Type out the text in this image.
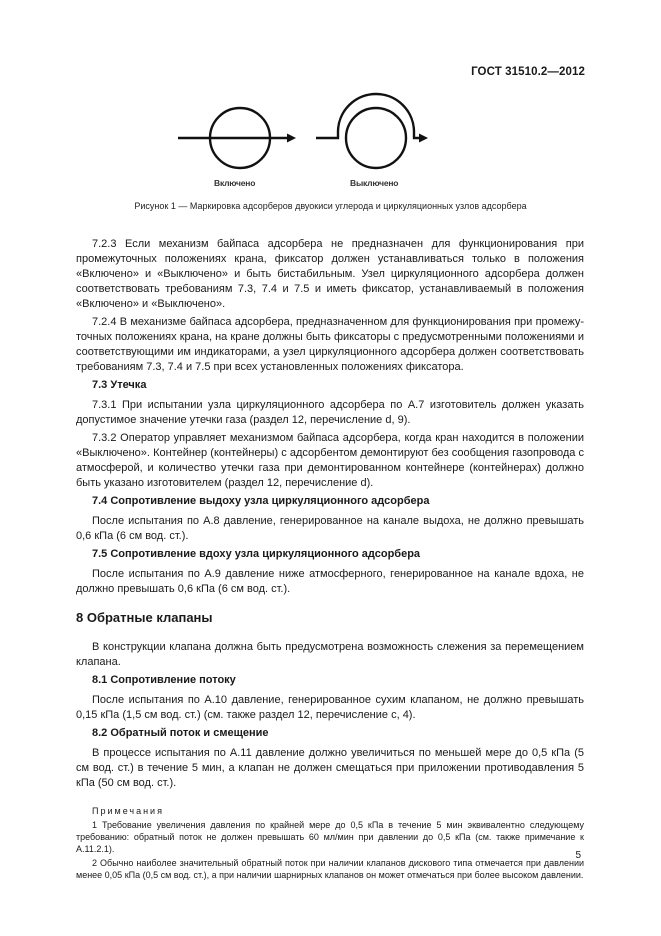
ГОСТ 31510.2—2012
Включено	Выключено
Рисунок 1 — Маркировка адсорберов двуокиси углерода и циркуляционных узлов адсорбера

7.2.3 Если механизм байпаса адсорбера не предназначен для функционирования при промежуточных положениях крана, фиксатор должен устанавливаться только в положения «Включено» и «Выключено» и быть бистабильным. Узел циркуляционного адсорбера должен соответствовать требованиям 7.3, 7.4 и 7.5 и иметь фиксатор, устанавливаемый в положения «Включено» и «Выключено».

7.2.4 В механизме байпаса адсорбера, предназначенном для функционирования при промежуточных положениях крана, на кране должны быть фиксаторы с предусмотренными положениями и соответствующими им индикаторами, а узел циркуляционного адсорбера должен соответствовать требованиям 7.3, 7.4 и 7.5 при всех установленных положениях фиксатора.

7.3 Утечка

7.3.1 При испытании узла циркуляционного адсорбера по А.7 изготовитель должен указать допустимое значение утечки газа (раздел 12, перечисление d, 9).

7.3.2 Оператор управляет механизмом байпаса адсорбера, когда кран находится в положении «Выключено». Контейнер (контейнеры) с адсорбентом демонтируют без сообщения газопровода с атмосферой, и количество утечки газа при демонтированном контейнере (контейнерах) должно быть указано изготовителем (раздел 12, перечисление d).

7.4 Сопротивление выдоху узла циркуляционного адсорбера

После испытания по А.8 давление, генерированное на канале выдоха, не должно превышать 0,6 кПа (6 см вод. ст.).

7.5 Сопротивление вдоху узла циркуляционного адсорбера

После испытания по А.9 давление ниже атмосферного, генерированное на канале вдоха, не должно превышать 0,6 кПа (6 см вод. ст.).

8 Обратные клапаны

В конструкции клапана должна быть предусмотрена возможность слежения за перемещением клапана.

8.1 Сопротивление потоку

После испытания по А.10 давление, генерированное сухим клапаном, не должно превышать 0,15 кПа (1,5 см вод. ст.) (см. также раздел 12, перечисление с, 4).

8.2 Обратный поток и смещение

В процессе испытания по А.11 давление должно увеличиться по меньшей мере до 0,5 кПа (5 см вод. ст.) в течение 5 мин, а клапан не должен смещаться при приложении противодавления 5 кПа (50 см вод. ст.).

Примечания

1 Требование увеличения давления по крайней мере до 0,5 кПа в течение 5 мин эквивалентно следующему требованию: обратный поток не должен превышать 60 мл/мин при давлении до 0,5 кПа (см. также примечание к А.11.2.1).

2 Обычно наиболее значительный обратный поток при наличии клапанов дискового типа отмечается при давлении менее 0,05 кПа (0,5 см вод. ст.), а при наличии шарнирных клапанов он может отмечаться при более высоком давлении.

5
